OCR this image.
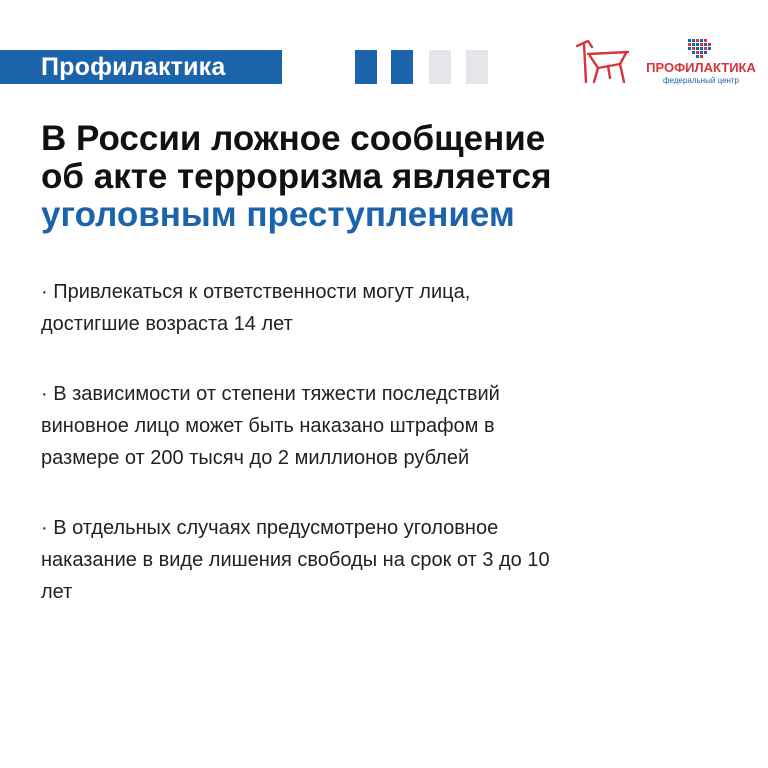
Профилактика	ПРОФИЛАКТИКА
федеральный центр
В России ложное сообщение
об акте терроризма является
уголовным преступлением
· Привлекаться к ответственности могут лица,
достигшие возраста 14 лет
· В зависимости от степени тяжести последствий
виновное лицо может быть наказано штрафом в
размере от 200 тысяч до 2 миллионов рублей
· В отдельных случаях предусмотрено уголовное
наказание в виде лишения свободы на срок от 3 до 10
лет
